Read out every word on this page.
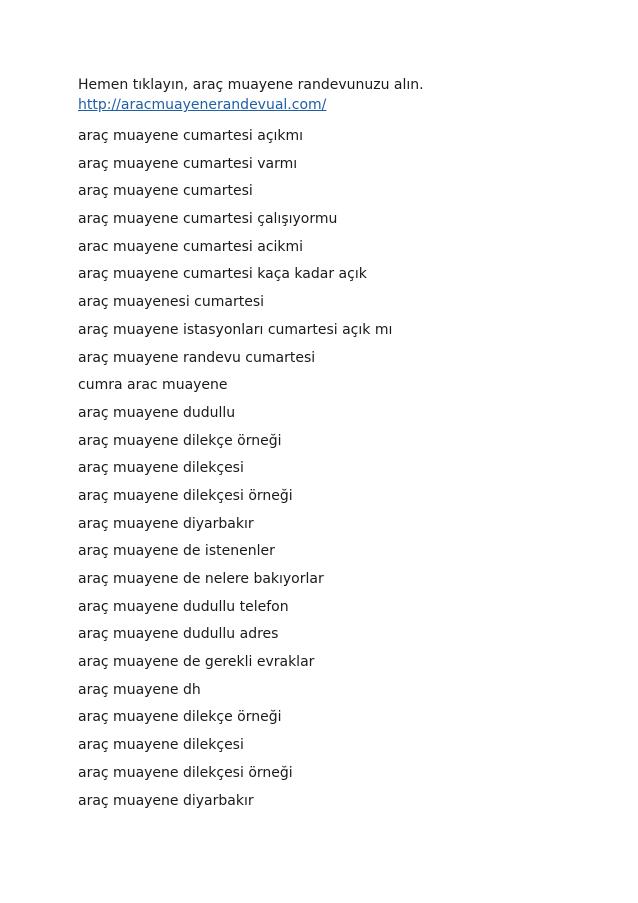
Hemen tıklayın, araç muayene randevunuzu alın.

http://aracmuayenerandevual.com/

araç muayene cumartesi açıkmı

araç muayene cumartesi varmı

araç muayene cumartesi

araç muayene cumartesi çalışıyormu

arac muayene cumartesi acikmi

araç muayene cumartesi kaça kadar açık

araç muayenesi cumartesi

araç muayene istasyonları cumartesi açık mı

araç muayene randevu cumartesi

cumra arac muayene

araç muayene dudullu

araç muayene dilekçe örneği

araç muayene dilekçesi

araç muayene dilekçesi örneği

araç muayene diyarbakır

araç muayene de istenenler

araç muayene de nelere bakıyorlar

araç muayene dudullu telefon

araç muayene dudullu adres

araç muayene de gerekli evraklar

araç muayene dh

araç muayene dilekçe örneği

araç muayene dilekçesi

araç muayene dilekçesi örneği

araç muayene diyarbakır
